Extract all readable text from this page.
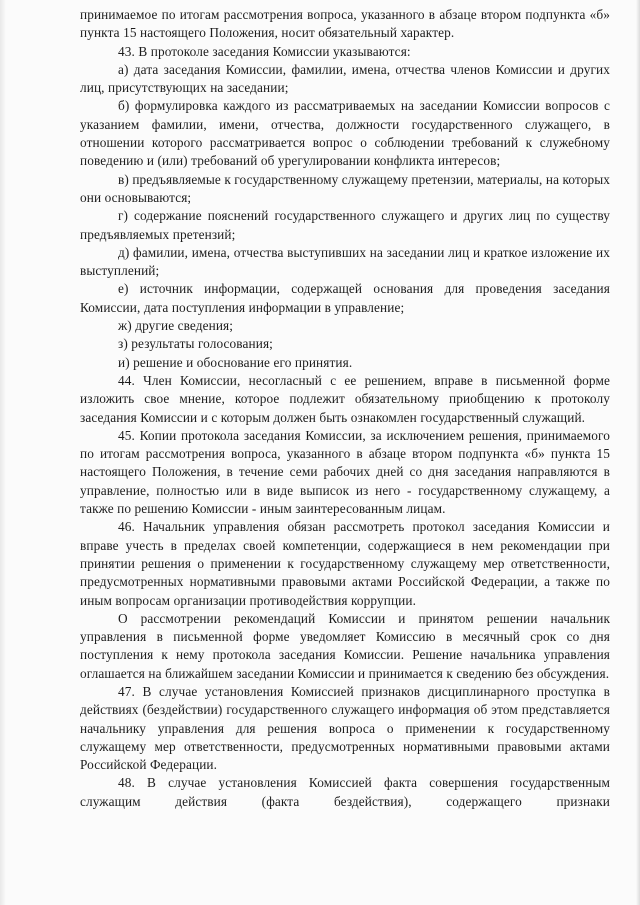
принимаемое по итогам рассмотрения вопроса, указанного в абзаце втором подпункта «б» пункта 15 настоящего Положения, носит обязательный характер.

43. В протоколе заседания Комиссии указываются:

а) дата заседания Комиссии, фамилии, имена, отчества членов Комиссии и других лиц, присутствующих на заседании;

б) формулировка каждого из рассматриваемых на заседании Комиссии вопросов с указанием фамилии, имени, отчества, должности государственного служащего, в отношении которого рассматривается вопрос о соблюдении требований к служебному поведению и (или) требований об урегулировании конфликта интересов;

в) предъявляемые к государственному служащему претензии, материалы, на которых они основываются;

г) содержание пояснений государственного служащего и других лиц по существу предъявляемых претензий;

д) фамилии, имена, отчества выступивших на заседании лиц и краткое изложение их выступлений;

е) источник информации, содержащей основания для проведения заседания Комиссии, дата поступления информации в управление;

ж) другие сведения;

з) результаты голосования;

и) решение и обоснование его принятия.

44. Член Комиссии, несогласный с ее решением, вправе в письменной форме изложить свое мнение, которое подлежит обязательному приобщению к протоколу заседания Комиссии и с которым должен быть ознакомлен государственный служащий.

45. Копии протокола заседания Комиссии, за исключением решения, принимаемого по итогам рассмотрения вопроса, указанного в абзаце втором подпункта «б» пункта 15 настоящего Положения, в течение семи рабочих дней со дня заседания направляются в управление, полностью или в виде выписок из него - государственному служащему, а также по решению Комиссии - иным заинтересованным лицам.

46. Начальник управления обязан рассмотреть протокол заседания Комиссии и вправе учесть в пределах своей компетенции, содержащиеся в нем рекомендации при принятии решения о применении к государственному служащему мер ответственности, предусмотренных нормативными правовыми актами Российской Федерации, а также по иным вопросам организации противодействия коррупции.

О рассмотрении рекомендаций Комиссии и принятом решении начальник управления в письменной форме уведомляет Комиссию в месячный срок со дня поступления к нему протокола заседания Комиссии. Решение начальника управления оглашается на ближайшем заседании Комиссии и принимается к сведению без обсуждения.

47. В случае установления Комиссией признаков дисциплинарного проступка в действиях (бездействии) государственного служащего информация об этом представляется начальнику управления для решения вопроса о применении к государственному служащему мер ответственности, предусмотренных нормативными правовыми актами Российской Федерации.

48. В случае установления Комиссией факта совершения государственным служащим действия (факта бездействия), содержащего признаки
